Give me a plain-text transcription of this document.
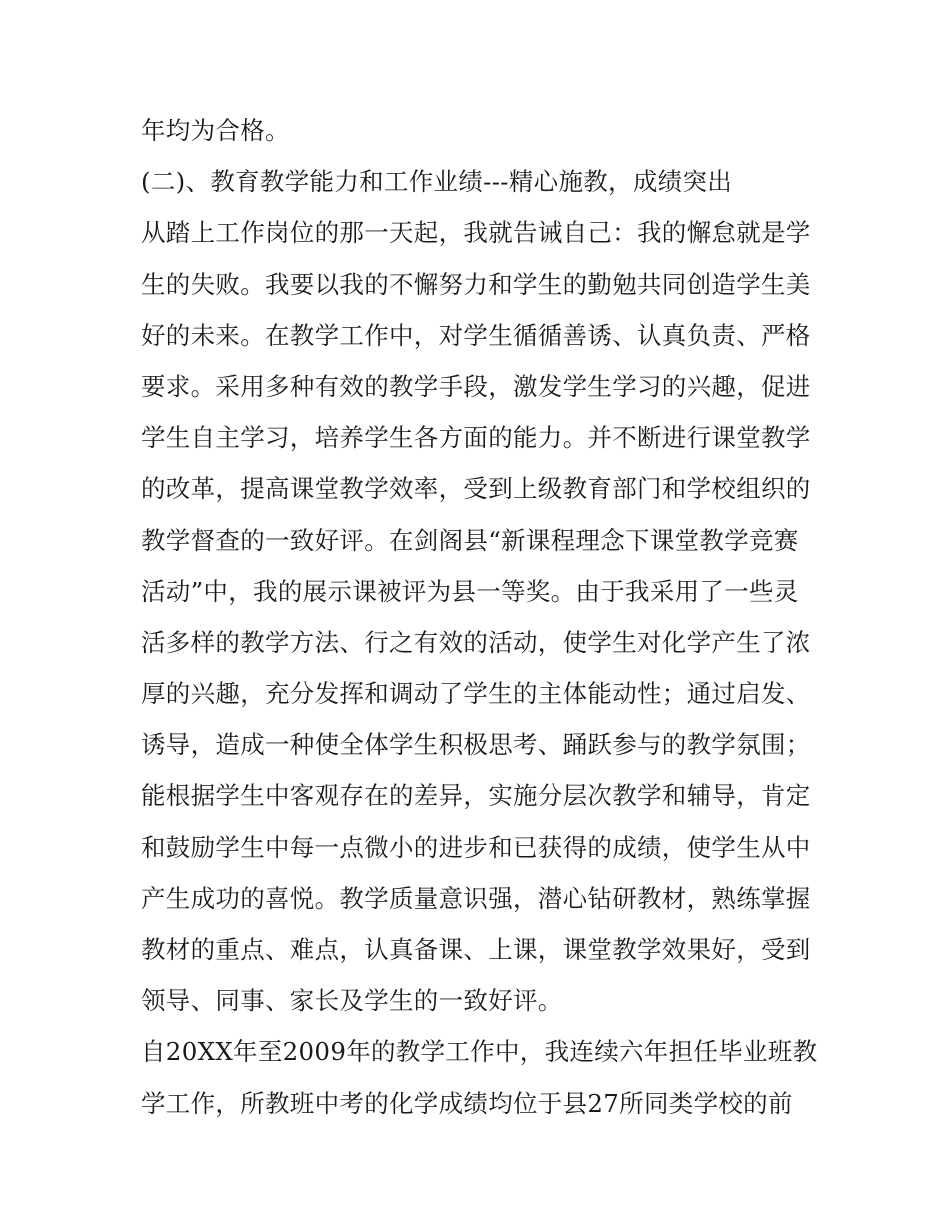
年均为合格。
(二)、教育教学能力和工作业绩---精心施教，成绩突出
从踏上工作岗位的那一天起，我就告诫自己：我的懈怠就是学
生的失败。我要以我的不懈努力和学生的勤勉共同创造学生美
好的未来。在教学工作中，对学生循循善诱、认真负责、严格
要求。采用多种有效的教学手段，激发学生学习的兴趣，促进
学生自主学习，培养学生各方面的能力。并不断进行课堂教学
的改革，提高课堂教学效率，受到上级教育部门和学校组织的
教学督查的一致好评。在剑阁县“新课程理念下课堂教学竞赛
活动”中，我的展示课被评为县一等奖。由于我采用了一些灵
活多样的教学方法、行之有效的活动，使学生对化学产生了浓
厚的兴趣，充分发挥和调动了学生的主体能动性；通过启发、
诱导，造成一种使全体学生积极思考、踊跃参与的教学氛围；
能根据学生中客观存在的差异，实施分层次教学和辅导，肯定
和鼓励学生中每一点微小的进步和已获得的成绩，使学生从中
产生成功的喜悦。教学质量意识强，潜心钻研教材，熟练掌握
教材的重点、难点，认真备课、上课，课堂教学效果好，受到
领导、同事、家长及学生的一致好评。
自20XX年至2009年的教学工作中，我连续六年担任毕业班教
学工作，所教班中考的化学成绩均位于县27所同类学校的前
